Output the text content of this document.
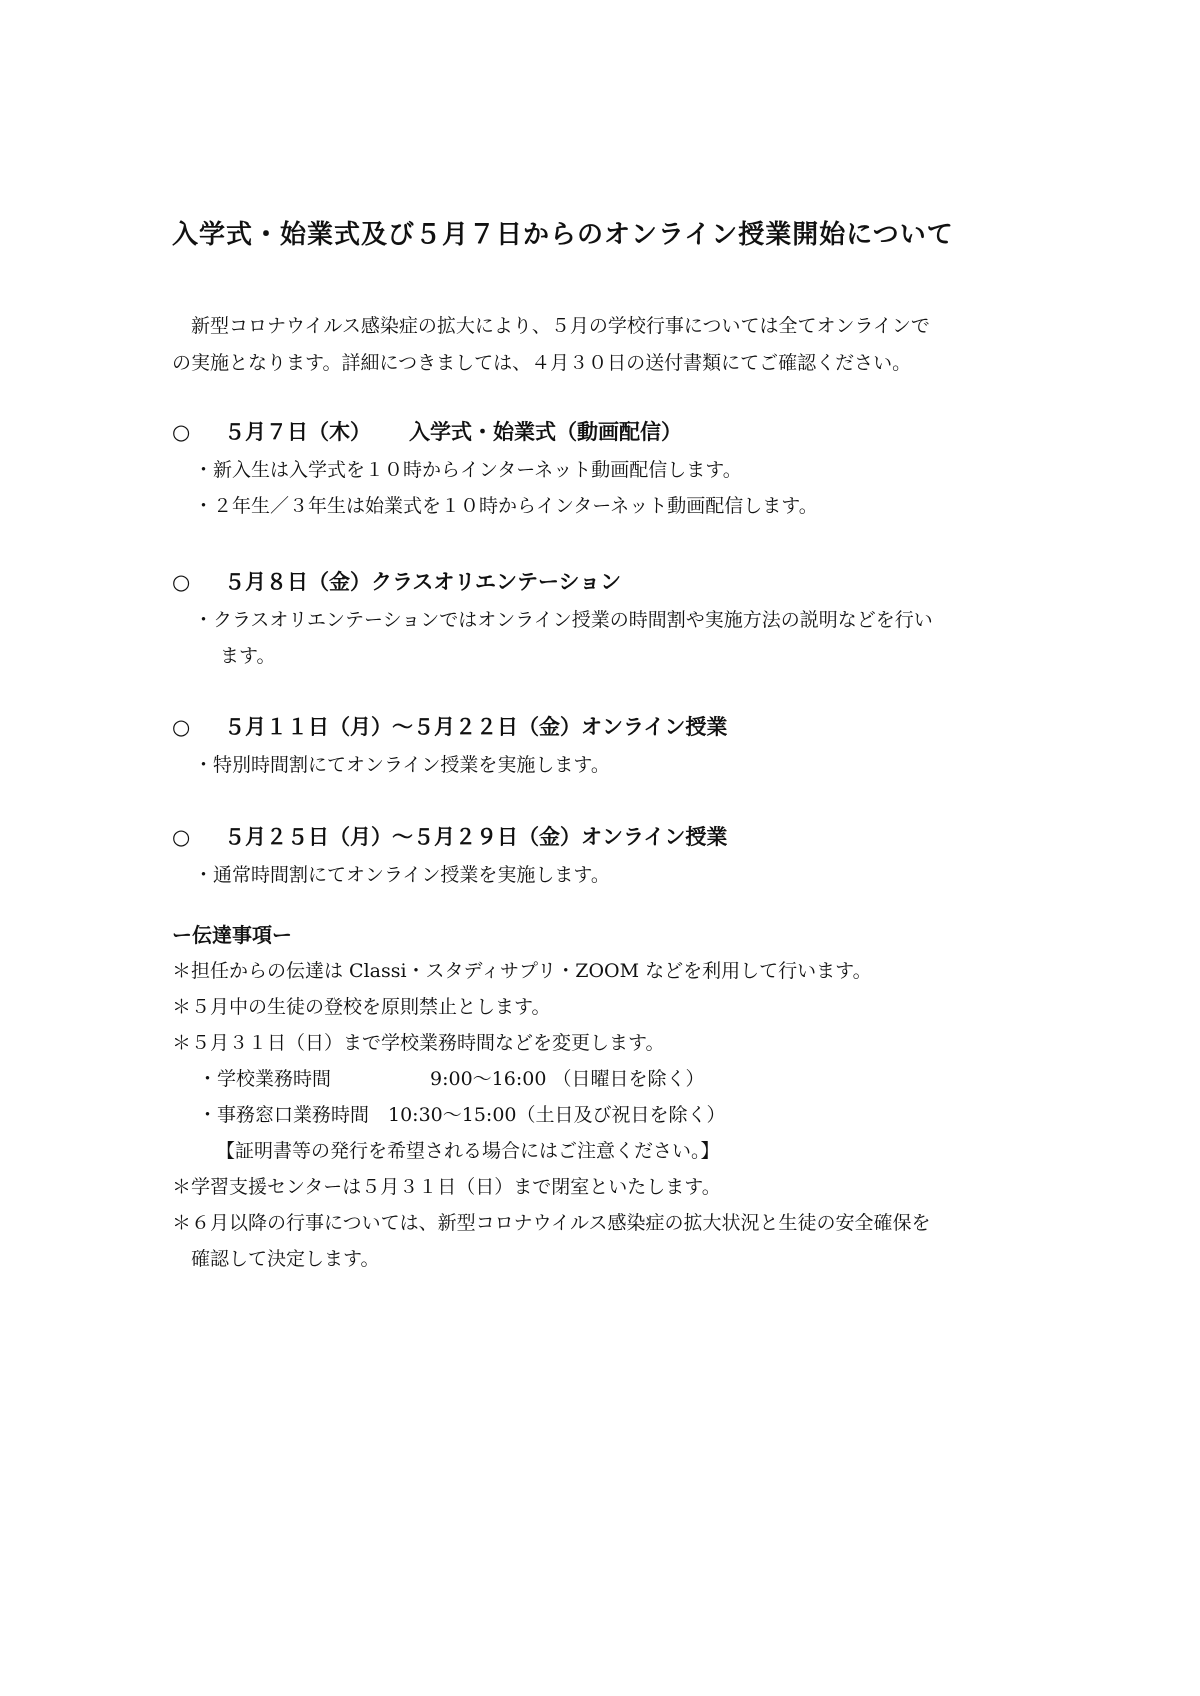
入学式・始業式及び５月７日からのオンライン授業開始について

新型コロナウイルス感染症の拡大により、５月の学校行事については全てオンラインで

の実施となります。詳細につきましては、４月３０日の送付書類にてご確認ください。

○ ５月７日（木） 入学式・始業式（動画配信）
・新入生は入学式を１０時からインターネット動画配信します。
・２年生／３年生は始業式を１０時からインターネット動画配信します。
○ ５月８日（金）クラスオリエンテーション
・クラスオリエンテーションではオンライン授業の時間割や実施方法の説明などを行い
ます。
○ ５月１１日（月）～５月２２日（金）オンライン授業
・特別時間割にてオンライン授業を実施します。
○ ５月２５日（月）～５月２９日（金）オンライン授業
・通常時間割にてオンライン授業を実施します。
ー伝達事項ー
＊担任からの伝達は Classi・スタディサプリ・ZOOM などを利用して行います。
＊５月中の生徒の登校を原則禁止とします。
＊５月３１日（日）まで学校業務時間などを変更します。
・学校業務時間	9:00～16:00 （日曜日を除く）
・事務窓口業務時間 10:30～15:00（土日及び祝日を除く）
【証明書等の発行を希望される場合にはご注意ください。】
＊学習支援センターは５月３１日（日）まで閉室といたします。
＊６月以降の行事については、新型コロナウイルス感染症の拡大状況と生徒の安全確保を
確認して決定します。
